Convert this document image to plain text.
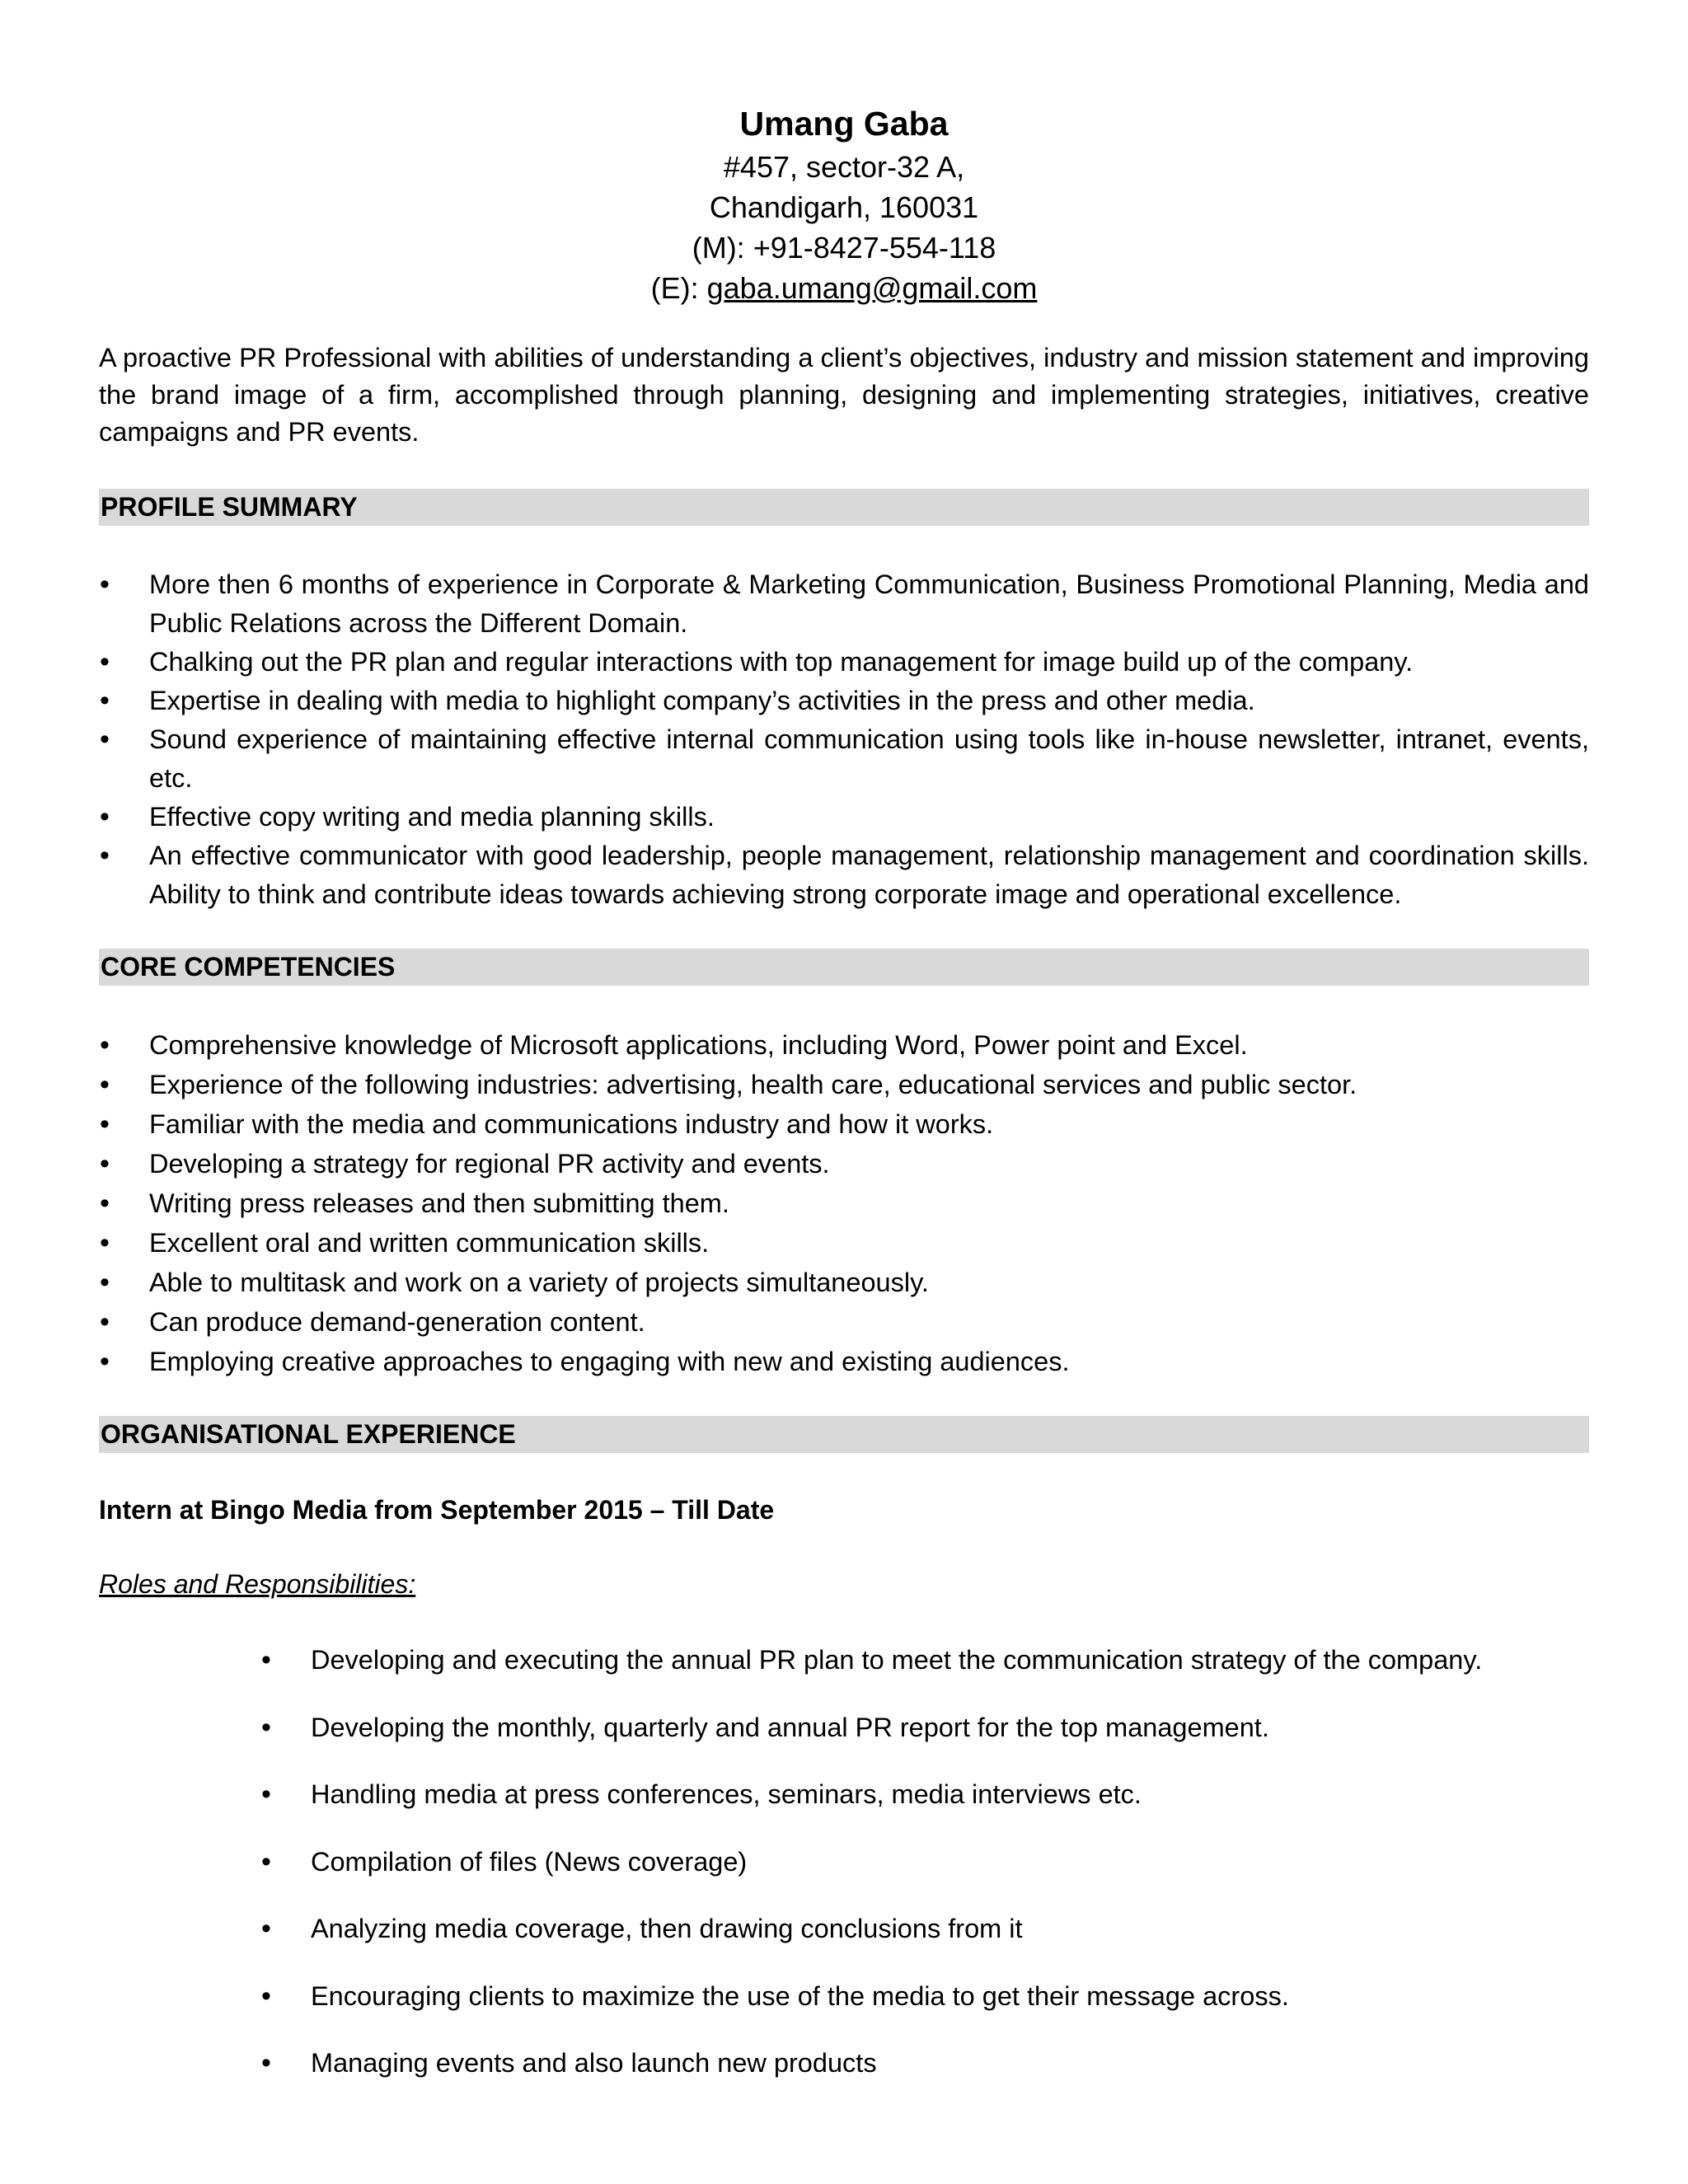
Umang Gaba
#457, sector-32 A,
Chandigarh, 160031
(M): +91-8427-554-118
(E): gaba.umang@gmail.com
A proactive PR Professional with abilities of understanding a client’s objectives, industry and mission statement and improving the brand image of a firm, accomplished through planning, designing and implementing strategies, initiatives, creative campaigns and PR events.
PROFILE SUMMARY
• More then 6 months of experience in Corporate & Marketing Communication, Business Promotional Planning, Media and Public Relations across the Different Domain.
• Chalking out the PR plan and regular interactions with top management for image build up of the company.
• Expertise in dealing with media to highlight company’s activities in the press and other media.
• Sound experience of maintaining effective internal communication using tools like in-house newsletter, intranet, events, etc.
• Effective copy writing and media planning skills.
• An effective communicator with good leadership, people management, relationship management and coordination skills. Ability to think and contribute ideas towards achieving strong corporate image and operational excellence.
CORE COMPETENCIES
• Comprehensive knowledge of Microsoft applications, including Word, Power point and Excel.
• Experience of the following industries: advertising, health care, educational services and public sector.
• Familiar with the media and communications industry and how it works.
• Developing a strategy for regional PR activity and events.
• Writing press releases and then submitting them.
• Excellent oral and written communication skills.
• Able to multitask and work on a variety of projects simultaneously.
• Can produce demand-generation content.
• Employing creative approaches to engaging with new and existing audiences.
ORGANISATIONAL EXPERIENCE
Intern at Bingo Media from September 2015 – Till Date
Roles and Responsibilities:
• Developing and executing the annual PR plan to meet the communication strategy of the company.
• Developing the monthly, quarterly and annual PR report for the top management.
• Handling media at press conferences, seminars, media interviews etc.
• Compilation of files (News coverage)
• Analyzing media coverage, then drawing conclusions from it
• Encouraging clients to maximize the use of the media to get their message across.
• Managing events and also launch new products
